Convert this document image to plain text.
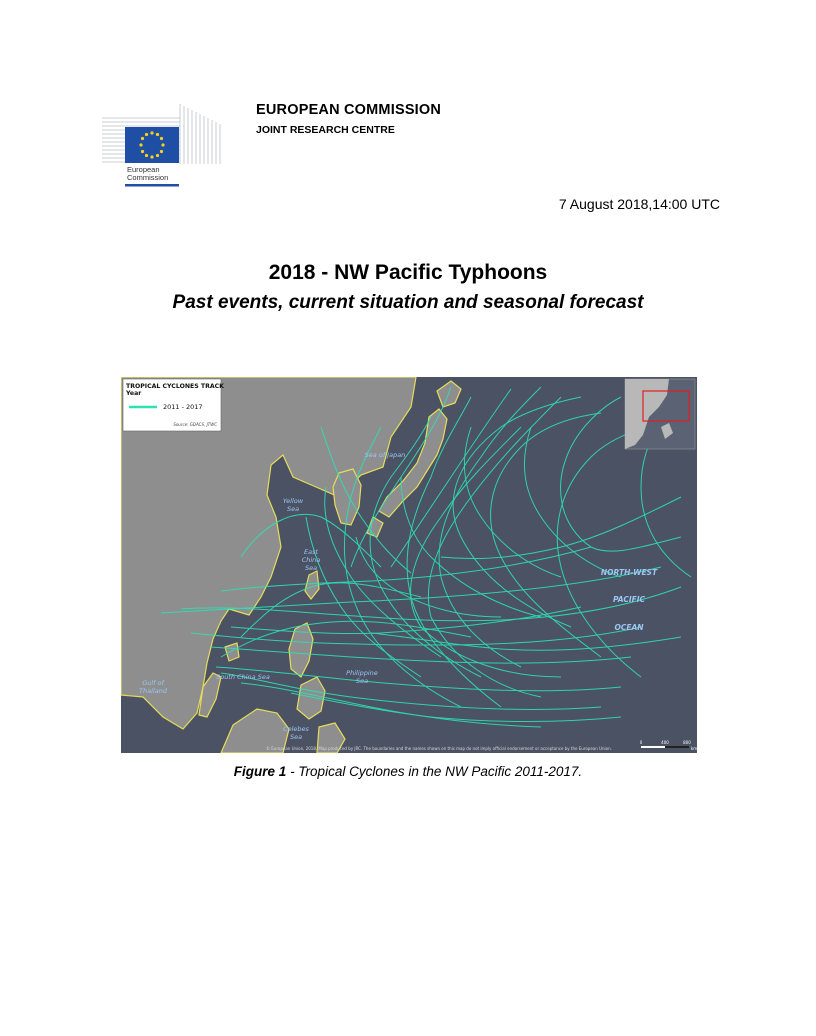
European
Commission
EUROPEAN COMMISSION
JOINT RESEARCH CENTRE
7 August 2018,14:00 UTC
2018 - NW Pacific Typhoons
Past events, current situation and seasonal forecast
Sea of Japan
Yellow
Sea
East
China
Sea
South China Sea	Philippine
Sea
Celebes
Sea
Gulf of
Thailand
NORTH-WEST
PACIFIC
OCEAN
TROPICAL CYCLONES TRACK
Year
2011 - 2017
Source: GDACS, JTWC
© European Union, 2018. Map produced by JRC. The boundaries and the names shown on this map do not imply official endorsement or acceptance by the European Union.
0	400	800
km
Figure 1 - Tropical Cyclones in the NW Pacific 2011-2017.
